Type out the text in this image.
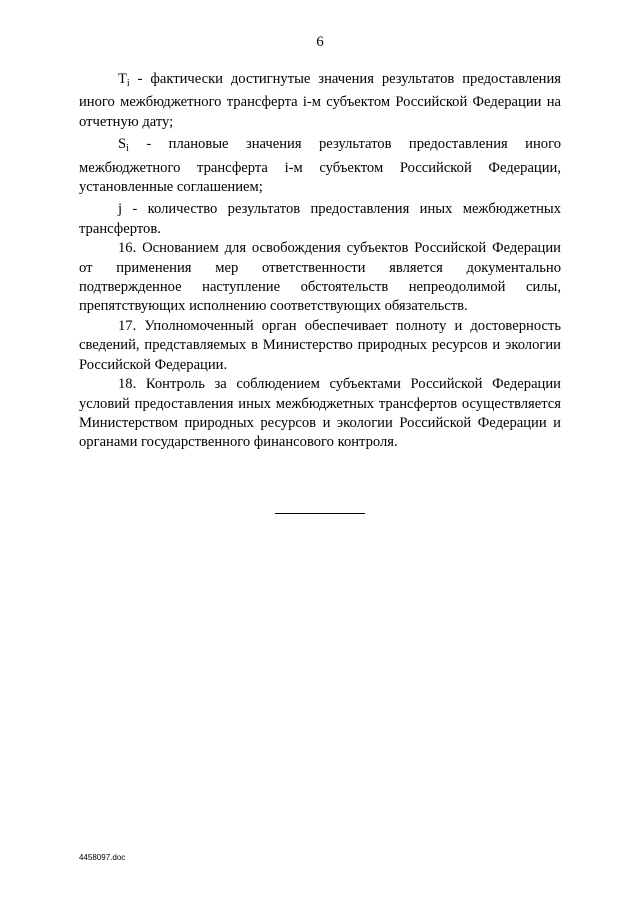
6

$T_i$ - фактически достигнутые значения результатов предоставления иного межбюджетного трансферта i-м субъектом Российской Федерации на отчетную дату;

$S_i$ - плановые значения результатов предоставления иного межбюджетного трансферта i-м субъектом Российской Федерации, установленные соглашением;

j - количество результатов предоставления иных межбюджетных трансфертов.

16. Основанием для освобождения субъектов Российской Федерации от применения мер ответственности является документально подтвержденное наступление обстоятельств непреодолимой силы, препятствующих исполнению соответствующих обязательств.

17. Уполномоченный орган обеспечивает полноту и достоверность сведений, представляемых в Министерство природных ресурсов и экологии Российской Федерации.

18. Контроль за соблюдением субъектами Российской Федерации условий предоставления иных межбюджетных трансфертов осуществляется Министерством природных ресурсов и экологии Российской Федерации и органами государственного финансового контроля.

4458097.doc
